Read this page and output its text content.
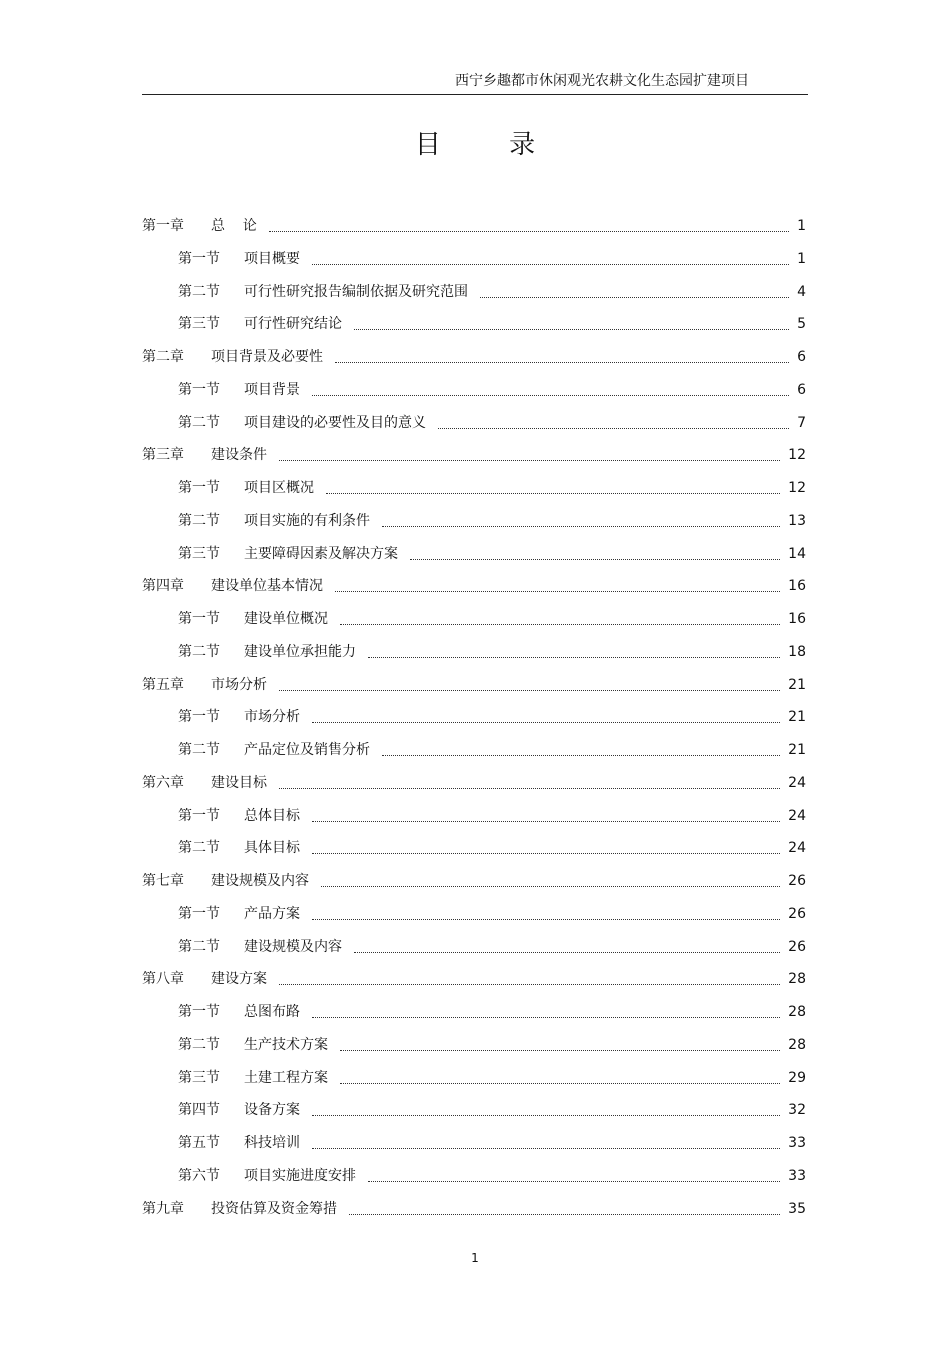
西宁乡趣都市休闲观光农耕文化生态园扩建项目
目 录
第一章 总    论	1
第一节 项目概要	1
第二节 可行性研究报告编制依据及研究范围	4
第三节 可行性研究结论	5
第二章 项目背景及必要性	6
第一节 项目背景	6
第二节 项目建设的必要性及目的意义	7
第三章 建设条件	12
第一节 项目区概况	12
第二节 项目实施的有利条件	13
第三节 主要障碍因素及解决方案	14
第四章 建设单位基本情况	16
第一节 建设单位概况	16
第二节 建设单位承担能力	18
第五章 市场分析	21
第一节 市场分析	21
第二节 产品定位及销售分析	21
第六章 建设目标	24
第一节 总体目标	24
第二节 具体目标	24
第七章 建设规模及内容	26
第一节 产品方案	26
第二节 建设规模及内容	26
第八章 建设方案	28
第一节 总图布路	28
第二节 生产技术方案	28
第三节 土建工程方案	29
第四节 设备方案	32
第五节 科技培训	33
第六节 项目实施进度安排	33
第九章 投资估算及资金筹措	35
1
